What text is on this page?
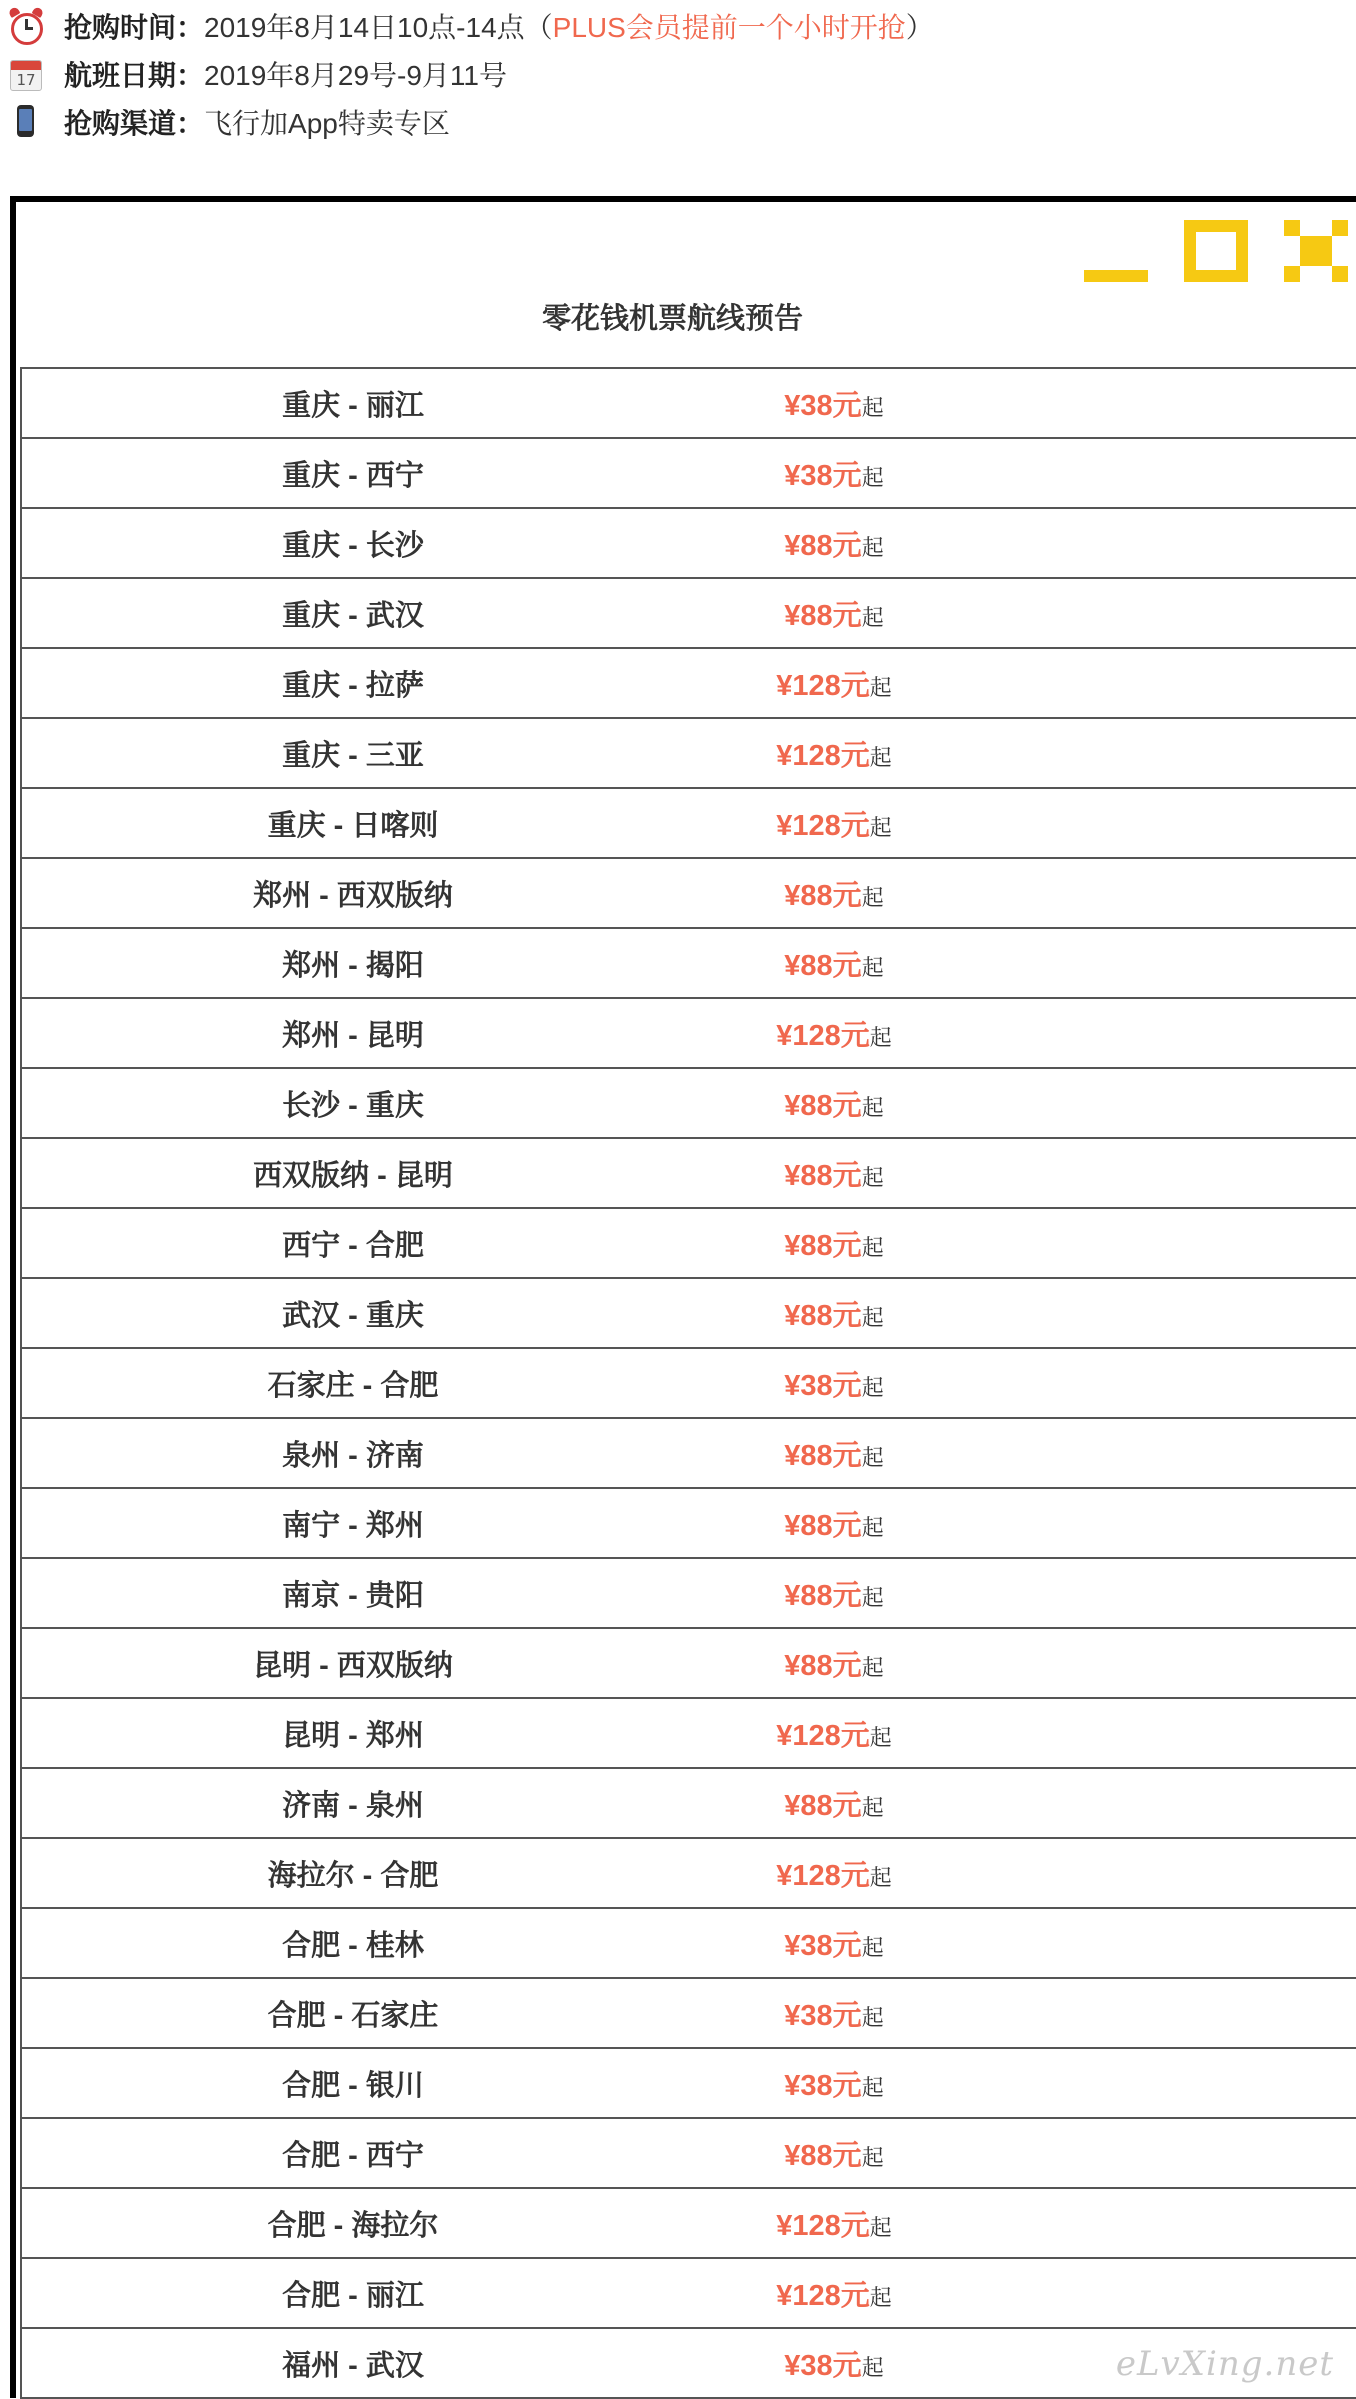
抢购时间： 2019年8月14日10点-14点（ PLUS会员提前一个小时开抢 ）
17 航班日期： 2019年8月29号-9月11号
抢购渠道： 飞行加App特卖专区
零花钱机票航线预告
重庆 - 丽江	¥38元起
重庆 - 西宁	¥38元起
重庆 - 长沙	¥88元起
重庆 - 武汉	¥88元起
重庆 - 拉萨	¥128元起
重庆 - 三亚	¥128元起
重庆 - 日喀则	¥128元起
郑州 - 西双版纳	¥88元起
郑州 - 揭阳	¥88元起
郑州 - 昆明	¥128元起
长沙 - 重庆	¥88元起
西双版纳 - 昆明	¥88元起
西宁 - 合肥	¥88元起
武汉 - 重庆	¥88元起
石家庄 - 合肥	¥38元起
泉州 - 济南	¥88元起
南宁 - 郑州	¥88元起
南京 - 贵阳	¥88元起
昆明 - 西双版纳	¥88元起
昆明 - 郑州	¥128元起
济南 - 泉州	¥88元起
海拉尔 - 合肥	¥128元起
合肥 - 桂林	¥38元起
合肥 - 石家庄	¥38元起
合肥 - 银川	¥38元起
合肥 - 西宁	¥88元起
合肥 - 海拉尔	¥128元起
合肥 - 丽江	¥128元起
福州 - 武汉	¥38元起	eLvXing.net
